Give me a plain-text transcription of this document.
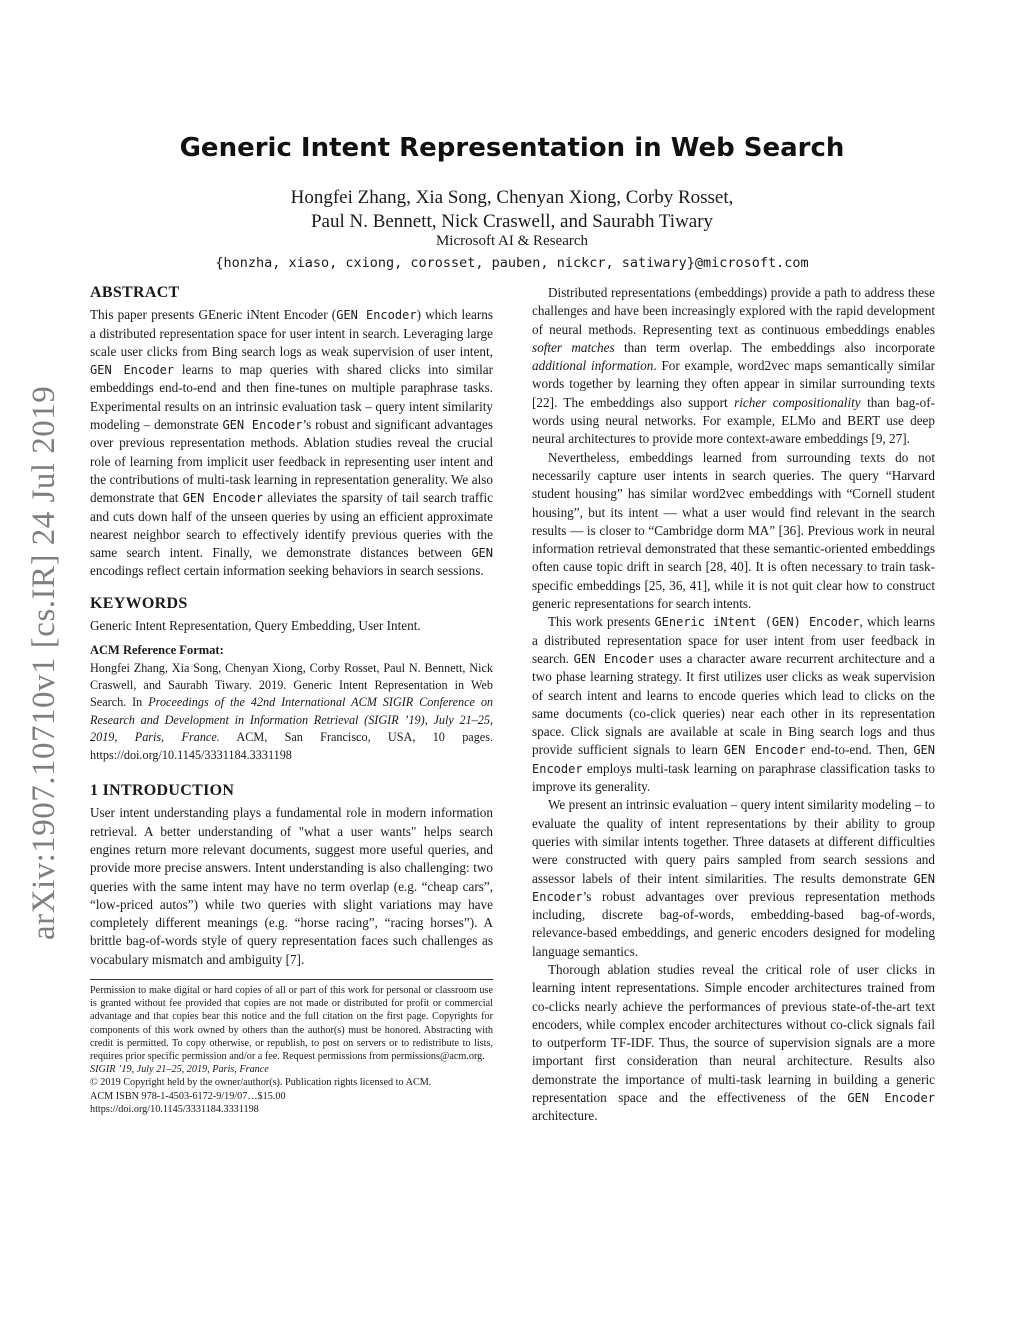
arXiv:1907.10710v1 [cs.IR] 24 Jul 2019
Generic Intent Representation in Web Search
Hongfei Zhang, Xia Song, Chenyan Xiong, Corby Rosset,
Paul N. Bennett, Nick Craswell, and Saurabh Tiwary
Microsoft AI & Research
{honzha, xiaso, cxiong, corosset, pauben, nickcr, satiwary}@microsoft.com
ABSTRACT

This paper presents GEneric iNtent Encoder (GEN Encoder) which learns a distributed representation space for user intent in search. Leveraging large scale user clicks from Bing search logs as weak supervision of user intent, GEN Encoder learns to map queries with shared clicks into similar embeddings end-to-end and then fine-tunes on multiple paraphrase tasks. Experimental results on an intrinsic evaluation task – query intent similarity modeling – demonstrate GEN Encoder’s robust and significant advantages over previous representation methods. Ablation studies reveal the crucial role of learning from implicit user feedback in representing user intent and the contributions of multi-task learning in representation generality. We also demonstrate that GEN Encoder alleviates the sparsity of tail search traffic and cuts down half of the unseen queries by using an efficient approximate nearest neighbor search to effectively identify previous queries with the same search intent. Finally, we demonstrate distances between GEN encodings reflect certain information seeking behaviors in search sessions.

KEYWORDS

Generic Intent Representation, Query Embedding, User Intent.

ACM Reference Format:

Hongfei Zhang, Xia Song, Chenyan Xiong, Corby Rosset, Paul N. Bennett, Nick Craswell, and Saurabh Tiwary. 2019. Generic Intent Representation in Web Search. In Proceedings of the 42nd International ACM SIGIR Conference on Research and Development in Information Retrieval (SIGIR ’19), July 21–25, 2019, Paris, France. ACM, San Francisco, USA, 10 pages. https://doi.org/10.1145/3331184.3331198

1 INTRODUCTION

User intent understanding plays a fundamental role in modern information retrieval. A better understanding of "what a user wants" helps search engines return more relevant documents, suggest more useful queries, and provide more precise answers. Intent understanding is also challenging: two queries with the same intent may have no term overlap (e.g. “cheap cars”, “low-priced autos”) while two queries with slight variations may have completely different meanings (e.g. “horse racing”, “racing horses”). A brittle bag-of-words style of query representation faces such challenges as vocabulary mismatch and ambiguity [7].

Permission to make digital or hard copies of all or part of this work for personal or classroom use is granted without fee provided that copies are not made or distributed for profit or commercial advantage and that copies bear this notice and the full citation on the first page. Copyrights for components of this work owned by others than the author(s) must be honored. Abstracting with credit is permitted. To copy otherwise, or republish, to post on servers or to redistribute to lists, requires prior specific permission and/or a fee. Request permissions from permissions@acm.org.

SIGIR ’19, July 21–25, 2019, Paris, France

© 2019 Copyright held by the owner/author(s). Publication rights licensed to ACM.

ACM ISBN 978-1-4503-6172-9/19/07…$15.00

https://doi.org/10.1145/3331184.3331198

Distributed representations (embeddings) provide a path to address these challenges and have been increasingly explored with the rapid development of neural methods. Representing text as continuous embeddings enables softer matches than term overlap. The embeddings also incorporate additional information. For example, word2vec maps semantically similar words together by learning they often appear in similar surrounding texts [22]. The embeddings also support richer compositionality than bag-of-words using neural networks. For example, ELMo and BERT use deep neural architectures to provide more context-aware embeddings [9, 27].

Nevertheless, embeddings learned from surrounding texts do not necessarily capture user intents in search queries. The query “Harvard student housing” has similar word2vec embeddings with “Cornell student housing”, but its intent — what a user would find relevant in the search results — is closer to “Cambridge dorm MA” [36]. Previous work in neural information retrieval demonstrated that these semantic-oriented embeddings often cause topic drift in search [28, 40]. It is often necessary to train task-specific embeddings [25, 36, 41], while it is not quit clear how to construct generic representations for search intents.

This work presents GEneric iNtent (GEN) Encoder, which learns a distributed representation space for user intent from user feedback in search. GEN Encoder uses a character aware recurrent architecture and a two phase learning strategy. It first utilizes user clicks as weak supervision of search intent and learns to encode queries which lead to clicks on the same documents (co-click queries) near each other in its representation space. Click signals are available at scale in Bing search logs and thus provide sufficient signals to learn GEN Encoder end-to-end. Then, GEN Encoder employs multi-task learning on paraphrase classification tasks to improve its generality.

We present an intrinsic evaluation – query intent similarity modeling – to evaluate the quality of intent representations by their ability to group queries with similar intents together. Three datasets at different difficulties were constructed with query pairs sampled from search sessions and assessor labels of their intent similarities. The results demonstrate GEN Encoder’s robust advantages over previous representation methods including, discrete bag-of-words, embedding-based bag-of-words, relevance-based embeddings, and generic encoders designed for modeling language semantics.

Thorough ablation studies reveal the critical role of user clicks in learning intent representations. Simple encoder architectures trained from co-clicks nearly achieve the performances of previous state-of-the-art text encoders, while complex encoder architectures without co-click signals fail to outperform TF-IDF. Thus, the source of supervision signals are a more important first consideration than neural architecture. Results also demonstrate the importance of multi-task learning in building a generic representation space and the effectiveness of the GEN Encoder architecture.
